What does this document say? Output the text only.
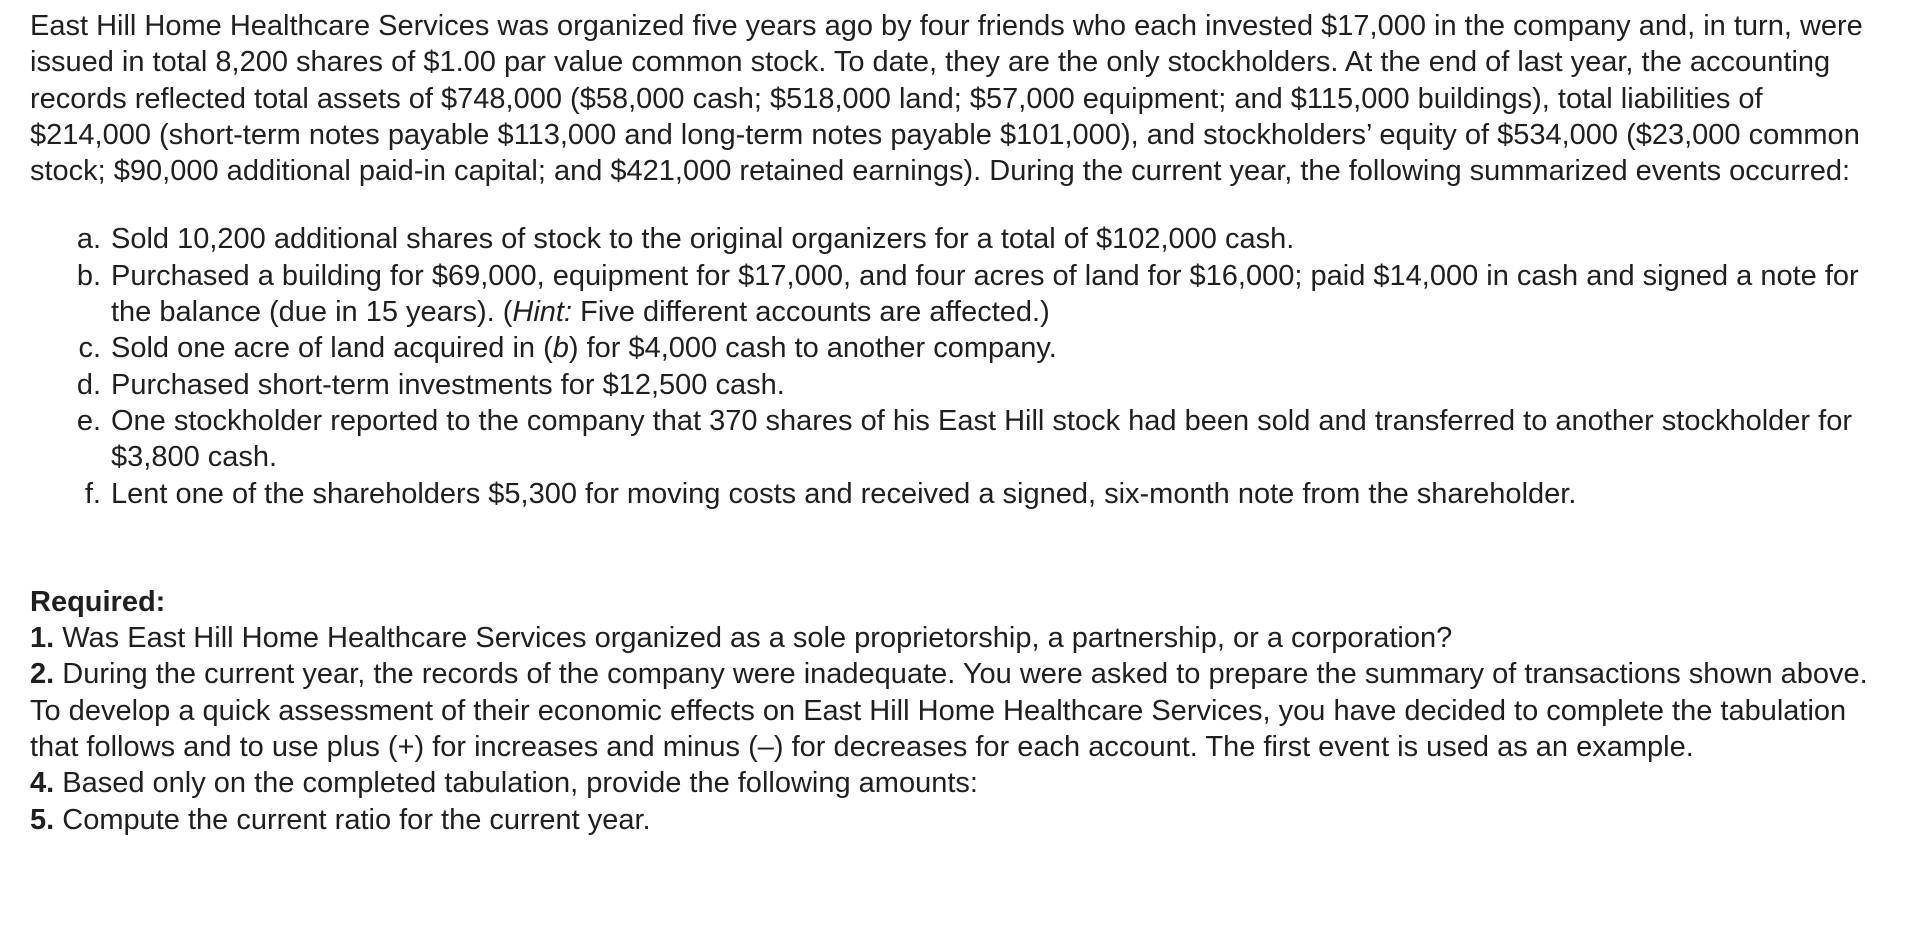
East Hill Home Healthcare Services was organized five years ago by four friends who each invested $17,000 in the company and, in turn, were issued in total 8,200 shares of $1.00 par value common stock. To date, they are the only stockholders. At the end of last year, the accounting records reflected total assets of $748,000 ($58,000 cash; $518,000 land; $57,000 equipment; and $115,000 buildings), total liabilities of $214,000 (short-term notes payable $113,000 and long-term notes payable $101,000), and stockholders’ equity of $534,000 ($23,000 common stock; $90,000 additional paid-in capital; and $421,000 retained earnings). During the current year, the following summarized events occurred:

a. Sold 10,200 additional shares of stock to the original organizers for a total of $102,000 cash.
b. Purchased a building for $69,000, equipment for $17,000, and four acres of land for $16,000; paid $14,000 in cash and signed a note for the balance (due in 15 years). (Hint: Five different accounts are affected.)
c. Sold one acre of land acquired in (b) for $4,000 cash to another company.
d. Purchased short-term investments for $12,500 cash.
e. One stockholder reported to the company that 370 shares of his East Hill stock had been sold and transferred to another stockholder for $3,800 cash.
f. Lent one of the shareholders $5,300 for moving costs and received a signed, six-month note from the shareholder.
Required:
1. Was East Hill Home Healthcare Services organized as a sole proprietorship, a partnership, or a corporation?
2. During the current year, the records of the company were inadequate. You were asked to prepare the summary of transactions shown above. To develop a quick assessment of their economic effects on East Hill Home Healthcare Services, you have decided to complete the tabulation that follows and to use plus (+) for increases and minus (–) for decreases for each account. The first event is used as an example.
4. Based only on the completed tabulation, provide the following amounts:
5. Compute the current ratio for the current year.
